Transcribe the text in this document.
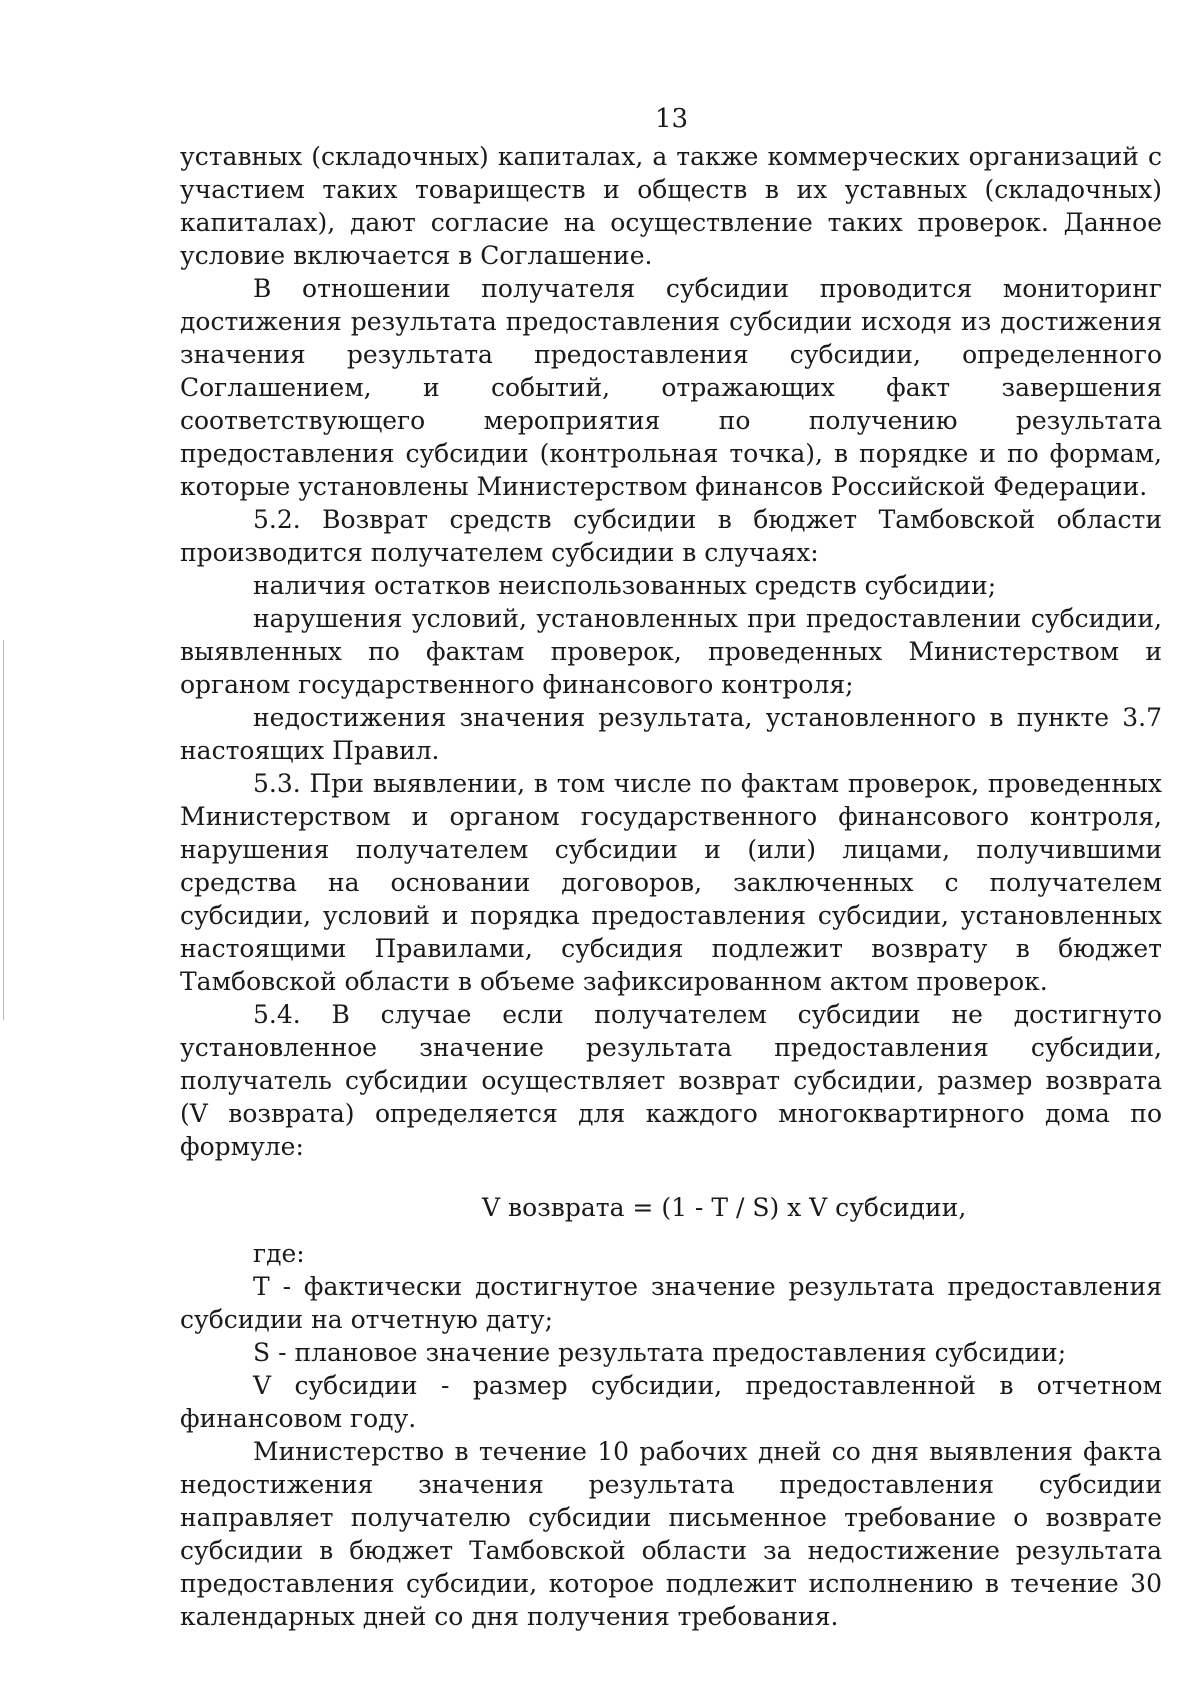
13

уставных (складочных) капиталах, а также коммерческих организаций с участием таких товариществ и обществ в их уставных (складочных) капиталах), дают согласие на осуществление таких проверок. Данное условие включается в Соглашение.

В отношении получателя субсидии проводится мониторинг достижения результата предоставления субсидии исходя из достижения значения результата предоставления субсидии, определенного Соглашением, и событий, отражающих факт завершения соответствующего мероприятия по получению результата предоставления субсидии (контрольная точка), в порядке и по формам, которые установлены Министерством финансов Российской Федерации.

5.2. Возврат средств субсидии в бюджет Тамбовской области производится получателем субсидии в случаях:

наличия остатков неиспользованных средств субсидии;

нарушения условий, установленных при предоставлении субсидии, выявленных по фактам проверок, проведенных Министерством и органом государственного финансового контроля;

недостижения значения результата, установленного в пункте 3.7 настоящих Правил.

5.3. При выявлении, в том числе по фактам проверок, проведенных Министерством и органом государственного финансового контроля, нарушения получателем субсидии и (или) лицами, получившими средства на основании договоров, заключенных с получателем субсидии, условий и порядка предоставления субсидии, установленных настоящими Правилами, субсидия подлежит возврату в бюджет Тамбовской области в объеме зафиксированном актом проверок.

5.4. В случае если получателем субсидии не достигнуто установленное значение результата предоставления субсидии, получатель субсидии осуществляет возврат субсидии, размер возврата (V возврата) определяется для каждого многоквартирного дома по формуле:

V возврата = (1 - T / S) x V субсидии,

где:

T - фактически достигнутое значение результата предоставления субсидии на отчетную дату;

S - плановое значение результата предоставления субсидии;

V субсидии - размер субсидии, предоставленной в отчетном финансовом году.

Министерство в течение 10 рабочих дней со дня выявления факта недостижения значения результата предоставления субсидии направляет получателю субсидии письменное требование о возврате субсидии в бюджет Тамбовской области за недостижение результата предоставления субсидии, которое подлежит исполнению в течение 30 календарных дней со дня получения требования.
